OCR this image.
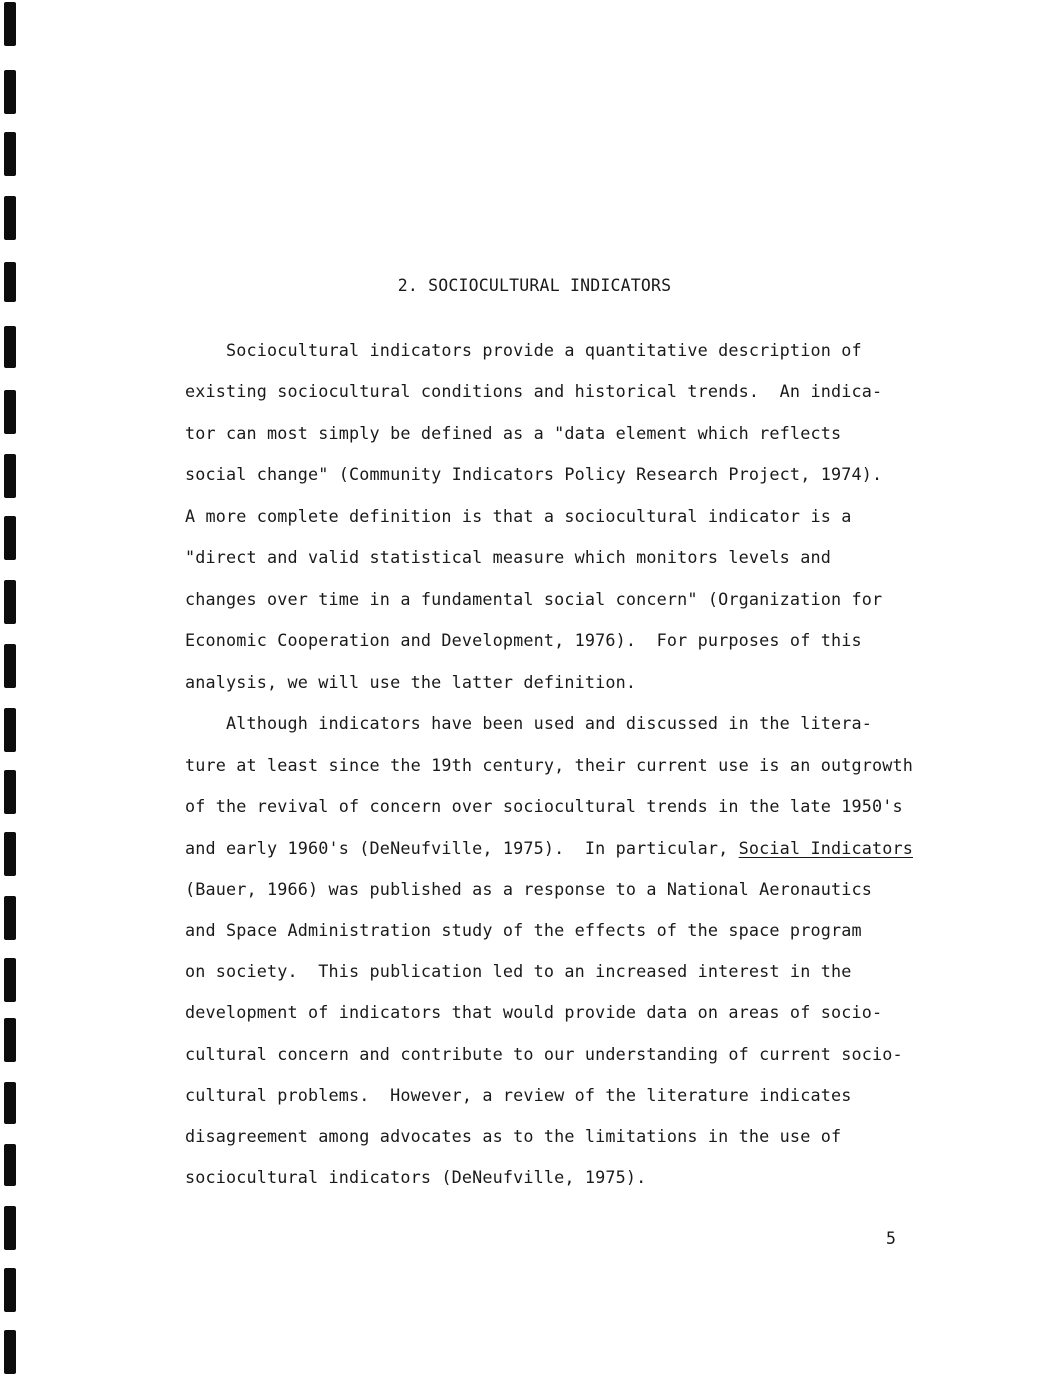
2. SOCIOCULTURAL INDICATORS
Sociocultural indicators provide a quantitative description of
existing sociocultural conditions and historical trends.  An indica-
tor can most simply be defined as a "data element which reflects
social change" (Community Indicators Policy Research Project, 1974).
A more complete definition is that a sociocultural indicator is a
"direct and valid statistical measure which monitors levels and
changes over time in a fundamental social concern" (Organization for
Economic Cooperation and Development, 1976).  For purposes of this
analysis, we will use the latter definition.
Although indicators have been used and discussed in the litera-
ture at least since the 19th century, their current use is an outgrowth
of the revival of concern over sociocultural trends in the late 1950's
and early 1960's (DeNeufville, 1975).  In particular, Social Indicators
(Bauer, 1966) was published as a response to a National Aeronautics
and Space Administration study of the effects of the space program
on society.  This publication led to an increased interest in the
development of indicators that would provide data on areas of socio-
cultural concern and contribute to our understanding of current socio-
cultural problems.  However, a review of the literature indicates
disagreement among advocates as to the limitations in the use of
sociocultural indicators (DeNeufville, 1975).
5
